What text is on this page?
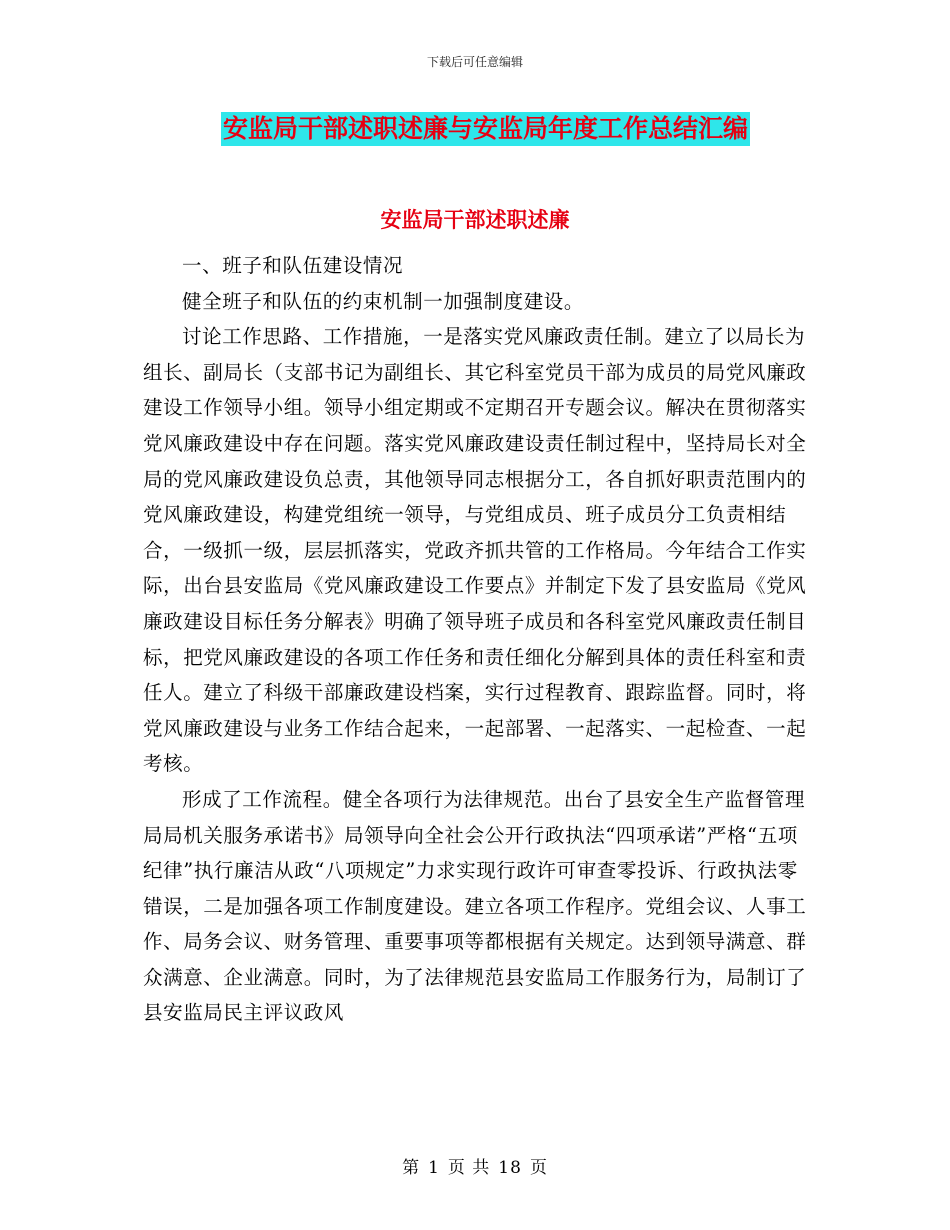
下载后可任意编辑
安监局干部述职述廉与安监局年度工作总结汇编
安监局干部述职述廉

一、班子和队伍建设情况

健全班子和队伍的约束机制一加强制度建设。

讨论工作思路、工作措施，一是落实党风廉政责任制。建立了以局长为组长、副局长（支部书记为副组长、其它科室党员干部为成员的局党风廉政建设工作领导小组。领导小组定期或不定期召开专题会议。解决在贯彻落实党风廉政建设中存在问题。落实党风廉政建设责任制过程中，坚持局长对全局的党风廉政建设负总责，其他领导同志根据分工，各自抓好职责范围内的党风廉政建设，构建党组统一领导，与党组成员、班子成员分工负责相结合，一级抓一级，层层抓落实，党政齐抓共管的工作格局。今年结合工作实际，出台县安监局《党风廉政建设工作要点》并制定下发了县安监局《党风廉政建设目标任务分解表》明确了领导班子成员和各科室党风廉政责任制目标，把党风廉政建设的各项工作任务和责任细化分解到具体的责任科室和责任人。建立了科级干部廉政建设档案，实行过程教育、跟踪监督。同时，将党风廉政建设与业务工作结合起来，一起部署、一起落实、一起检查、一起考核。

形成了工作流程。健全各项行为法律规范。出台了县安全生产监督管理局局机关服务承诺书》局领导向全社会公开行政执法“四项承诺”严格“五项纪律”执行廉洁从政“八项规定”力求实现行政许可审查零投诉、行政执法零错误，二是加强各项工作制度建设。建立各项工作程序。党组会议、人事工作、局务会议、财务管理、重要事项等都根据有关规定。达到领导满意、群众满意、企业满意。同时，为了法律规范县安监局工作服务行为，局制订了县安监局民主评议政风

第 1 页 共 18 页
